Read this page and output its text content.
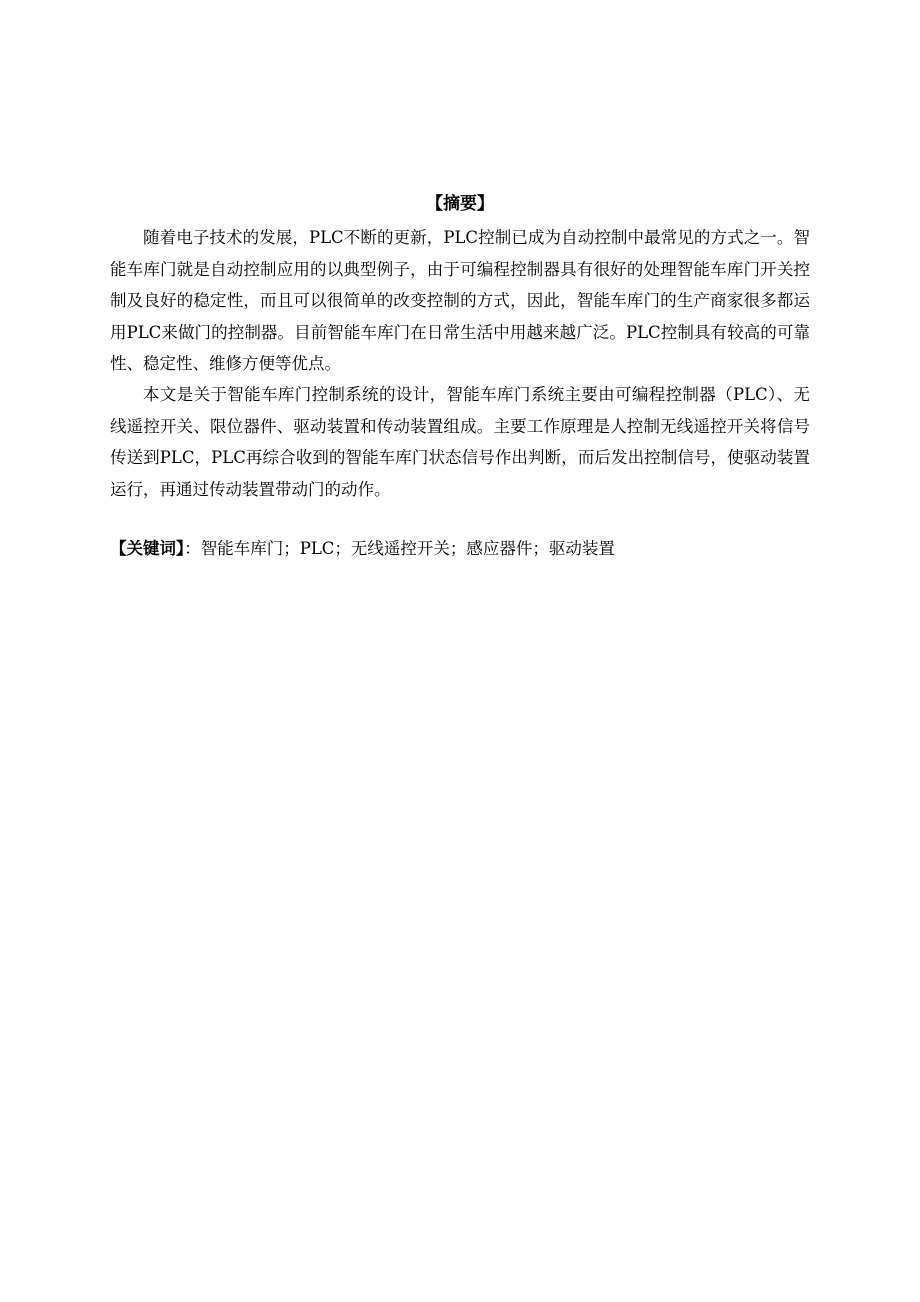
【摘要】

随着电子技术的发展，PLC不断的更新，PLC控制已成为自动控制中最常见的方式之一。智能车库门就是自动控制应用的以典型例子，由于可编程控制器具有很好的处理智能车库门开关控制及良好的稳定性，而且可以很简单的改变控制的方式，因此，智能车库门的生产商家很多都运用PLC来做门的控制器。目前智能车库门在日常生活中用越来越广泛。PLC控制具有较高的可靠性、稳定性、维修方便等优点。

本文是关于智能车库门控制系统的设计，智能车库门系统主要由可编程控制器（PLC）、无线遥控开关、限位器件、驱动装置和传动装置组成。主要工作原理是人控制无线遥控开关将信号传送到PLC，PLC再综合收到的智能车库门状态信号作出判断，而后发出控制信号，使驱动装置运行，再通过传动装置带动门的动作。

【关键词】：智能车库门；PLC；无线遥控开关；感应器件；驱动装置
